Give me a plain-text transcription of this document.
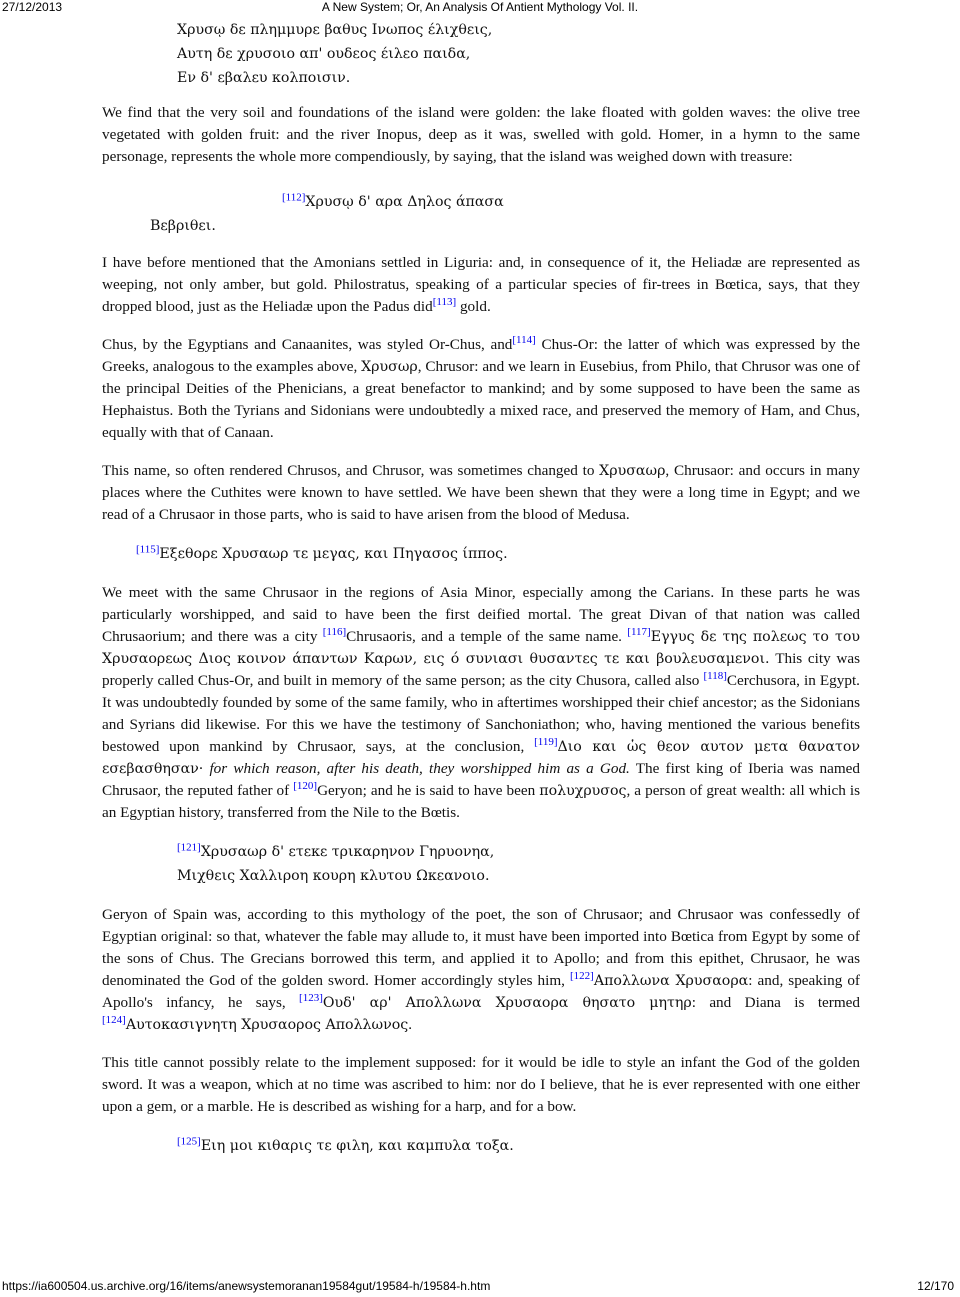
27/12/2013	A New System; Or, An Analysis Of Antient Mythology Vol. II.
Χρυσῳ δε πλημμυρε βαθυς Ινωπος έλιχθεις,
Αυτη δε χρυσοιο απ' ουδεος έιλεο παιδα,
Εν δ' εβαλευ κολποισιν.

We find that the very soil and foundations of the island were golden: the lake floated with golden waves: the olive tree vegetated with golden fruit: and the river Inopus, deep as it was, swelled with gold. Homer, in a hymn to the same personage, represents the whole more compendiously, by saying, that the island was weighed down with treasure:

[112]Χρυσῳ δ' αρα Δηλος άπασα
Βεβριθει.

I have before mentioned that the Amonians settled in Liguria: and, in consequence of it, the Heliadæ are represented as weeping, not only amber, but gold. Philostratus, speaking of a particular species of fir-trees in Bœtica, says, that they dropped blood, just as the Heliadæ upon the Padus did[113] gold.

Chus, by the Egyptians and Canaanites, was styled Or-Chus, and[114] Chus-Or: the latter of which was expressed by the Greeks, analogous to the examples above, Χρυσωρ, Chrusor: and we learn in Eusebius, from Philo, that Chrusor was one of the principal Deities of the Phenicians, a great benefactor to mankind; and by some supposed to have been the same as Hephaistus. Both the Tyrians and Sidonians were undoubtedly a mixed race, and preserved the memory of Ham, and Chus, equally with that of Canaan.

This name, so often rendered Chrusos, and Chrusor, was sometimes changed to Χρυσαωρ, Chrusaor: and occurs in many places where the Cuthites were known to have settled. We have been shewn that they were a long time in Egypt; and we read of a Chrusaor in those parts, who is said to have arisen from the blood of Medusa.

[115]Εξεθορε Χρυσαωρ τε μεγας, και Πηγασος ίππος.

We meet with the same Chrusaor in the regions of Asia Minor, especially among the Carians. In these parts he was particularly worshipped, and said to have been the first deified mortal. The great Divan of that nation was called Chrusaorium; and there was a city [116]Chrusaoris, and a temple of the same name. [117]Εγγυς δε της πολεως το του Χρυσαορεως Διος κοινον άπαντων Καρων, εις ό συνιασι θυσαντες τε και βουλευσαμενοι. This city was properly called Chus-Or, and built in memory of the same person; as the city Chusora, called also [118]Cerchusora, in Egypt. It was undoubtedly founded by some of the same family, who in aftertimes worshipped their chief ancestor; as the Sidonians and Syrians did likewise. For this we have the testimony of Sanchoniathon; who, having mentioned the various benefits bestowed upon mankind by Chrusaor, says, at the conclusion, [119]Διο και ὡς θεον αυτον μετα θανατον εσεβασθησαν· for which reason, after his death, they worshipped him as a God. The first king of Iberia was named Chrusaor, the reputed father of [120]Geryon; and he is said to have been πολυχρυσος, a person of great wealth: all which is an Egyptian history, transferred from the Nile to the Bœtis.

[121]Χρυσαωρ δ' ετεκε τρικαρηνον Γηρυονηα,
Μιχθεις Χαλλιροη κουρη κλυτου Ωκεανοιο.

Geryon of Spain was, according to this mythology of the poet, the son of Chrusaor; and Chrusaor was confessedly of Egyptian original: so that, whatever the fable may allude to, it must have been imported into Bœtica from Egypt by some of the sons of Chus. The Grecians borrowed this term, and applied it to Apollo; and from this epithet, Chrusaor, he was denominated the God of the golden sword. Homer accordingly styles him, [122]Απολλωνα Χρυσαορα: and, speaking of Apollo's infancy, he says, [123]Ουδ' αρ' Απολλωνα Χρυσαορα θησατο μητηρ: and Diana is termed [124]Αυτοκασιγνητη Χρυσαορος Απολλωνος.

This title cannot possibly relate to the implement supposed: for it would be idle to style an infant the God of the golden sword. It was a weapon, which at no time was ascribed to him: nor do I believe, that he is ever represented with one either upon a gem, or a marble. He is described as wishing for a harp, and for a bow.

[125]Ειη μοι κιθαρις τε φιλη, και καμπυλα τοξα.
https://ia600504.us.archive.org/16/items/anewsystemoranan19584gut/19584-h/19584-h.htm	12/170
